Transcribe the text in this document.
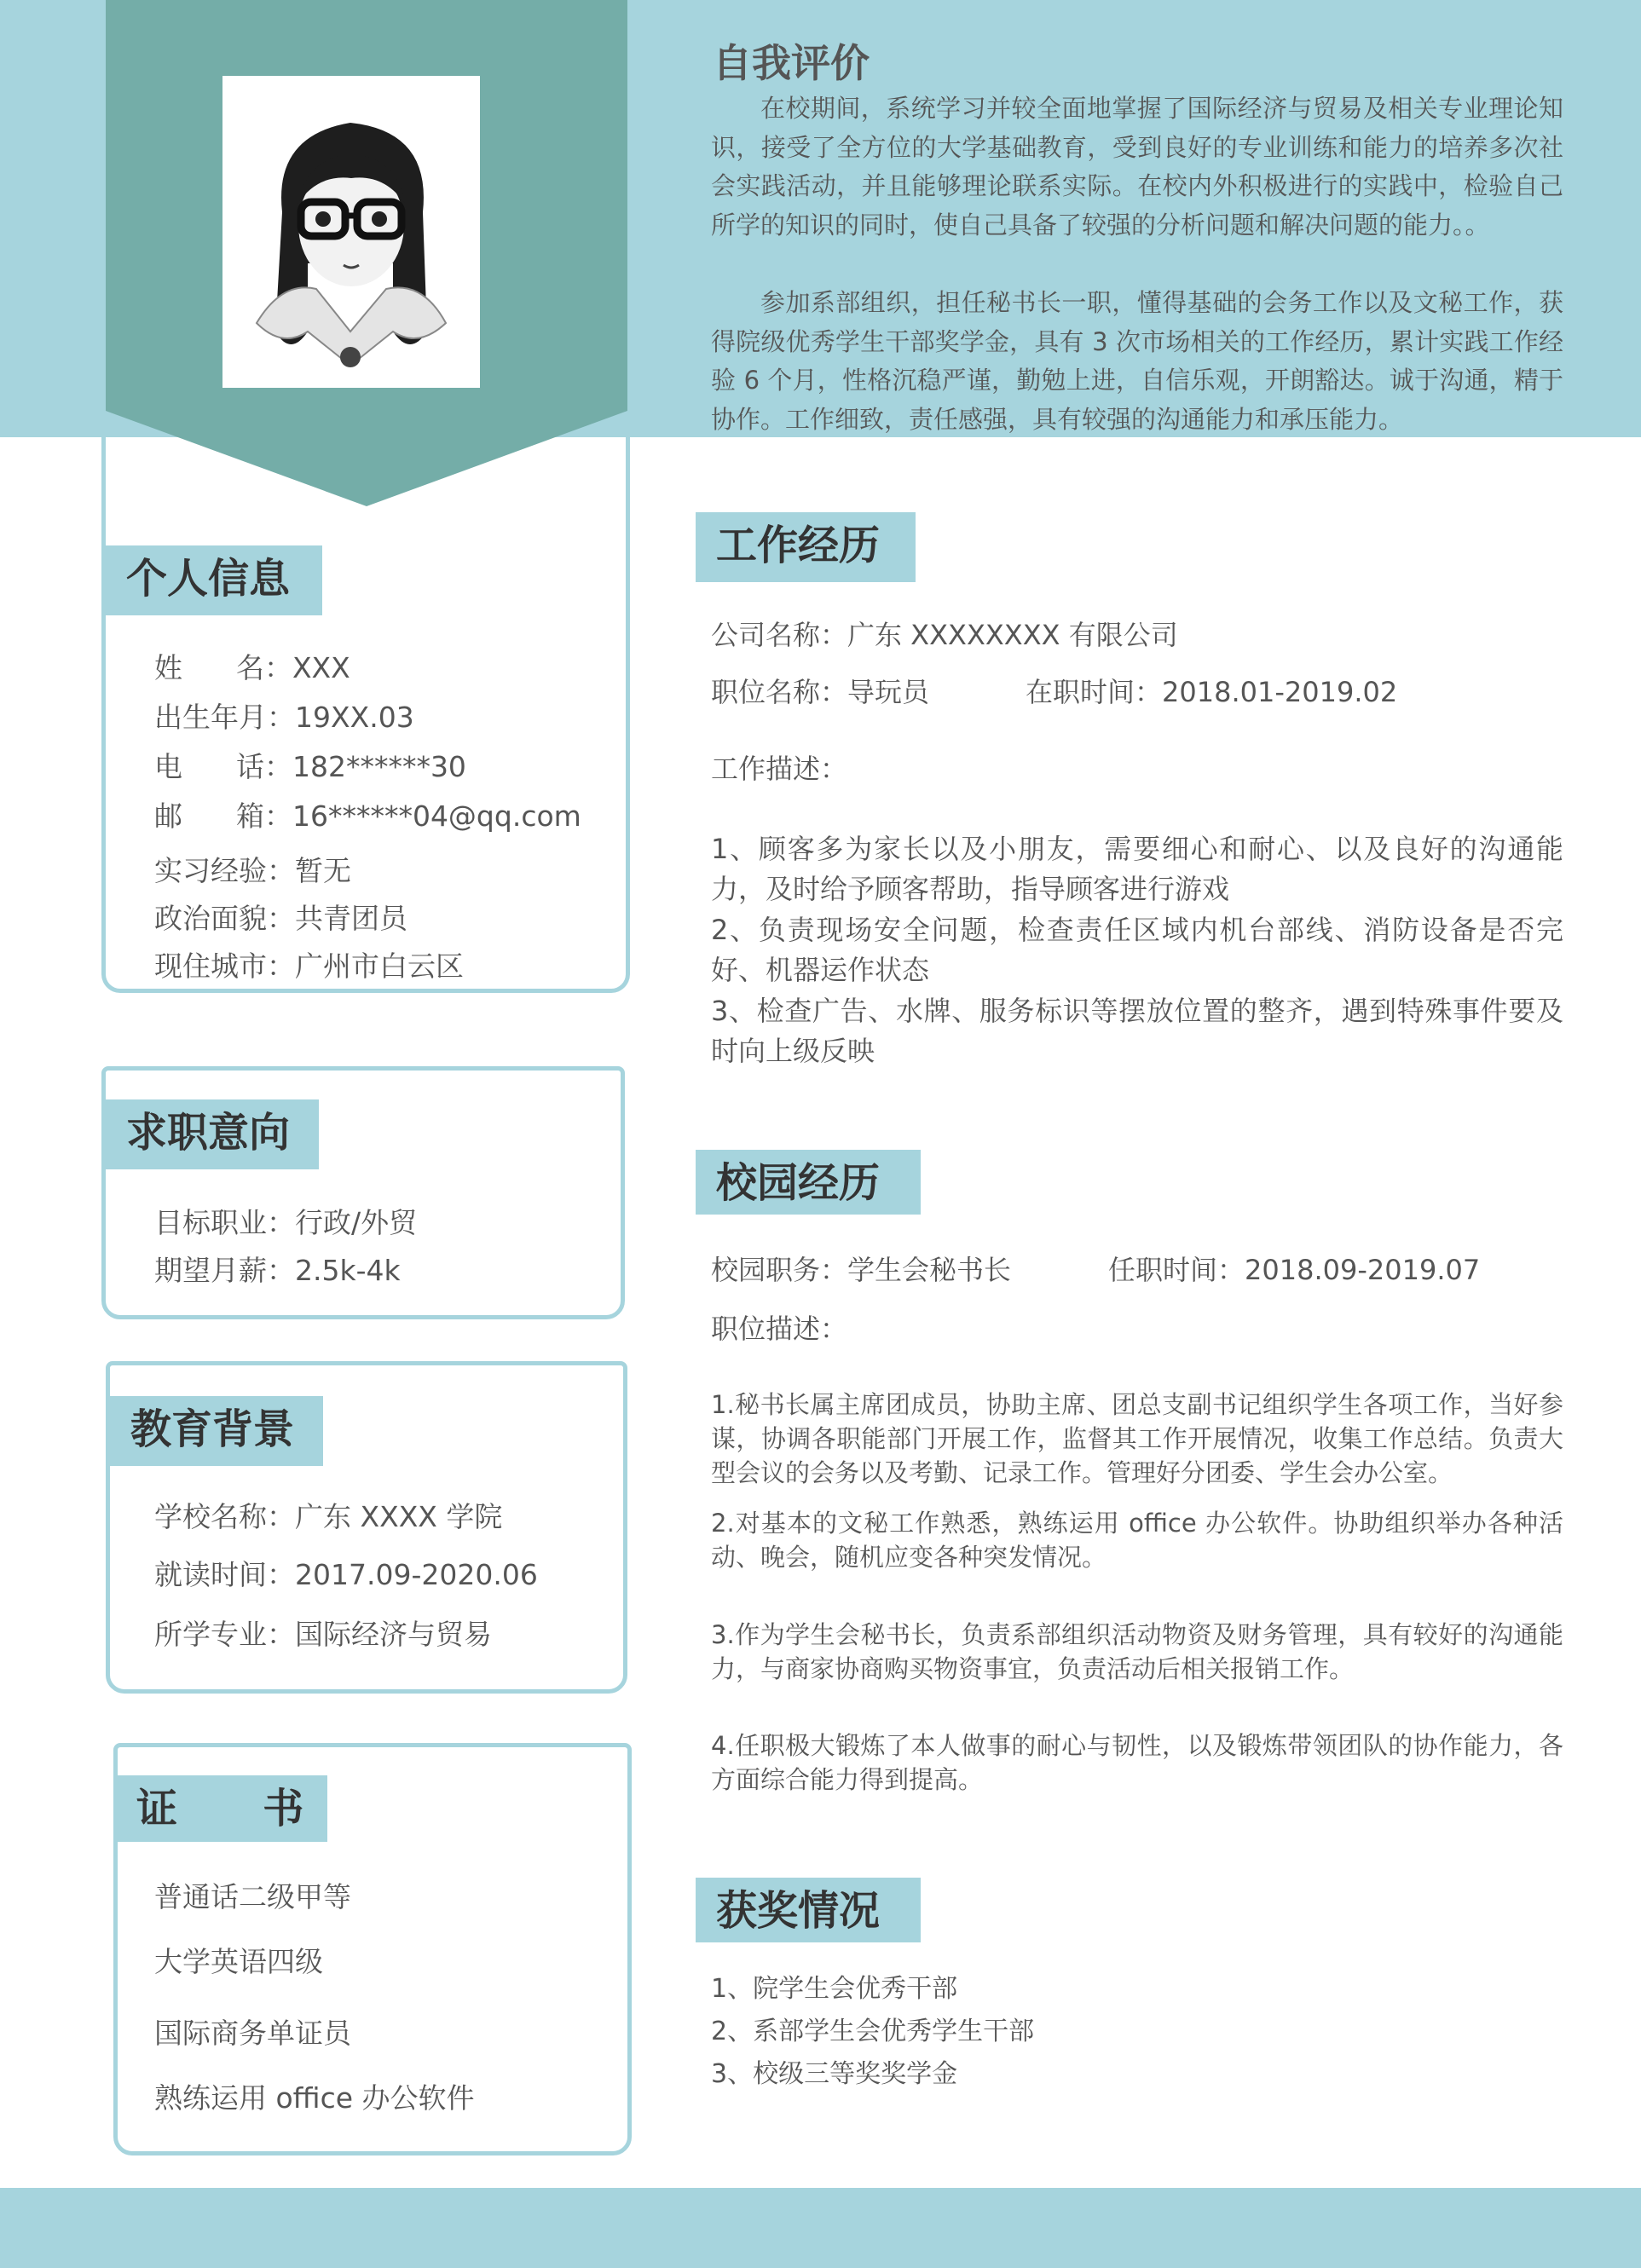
个人信息
姓      名：XXX
出生年月：19XX.03
电      话：182******30
邮      箱：16******04@qq.com
实习经验：暂无
政治面貌：共青团员
现住城市：广州市白云区
求职意向
目标职业：行政/外贸
期望月薪：2.5k-4k
教育背景
学校名称：广东 XXXX 学院
就读时间：2017.09-2020.06
所学专业：国际经济与贸易
证      书
普通话二级甲等
大学英语四级
国际商务单证员
熟练运用 office 办公软件
自我评价
在校期间，系统学习并较全面地掌握了国际经济与贸易及相关专业理论知识，接受了全方位的大学基础教育，受到良好的专业训练和能力的培养多次社会实践活动，并且能够理论联系实际。在校内外积极进行的实践中，检验自己所学的知识的同时，使自己具备了较强的分析问题和解决问题的能力。。
参加系部组织，担任秘书长一职，懂得基础的会务工作以及文秘工作，获得院级优秀学生干部奖学金，具有 3 次市场相关的工作经历，累计实践工作经验 6 个月，性格沉稳严谨，勤勉上进，自信乐观，开朗豁达。诚于沟通，精于协作。工作细致，责任感强，具有较强的沟通能力和承压能力。
工作经历
公司名称：广东 XXXXXXXX 有限公司
职位名称：导玩员	在职时间：2018.01-2019.02
工作描述：
1、顾客多为家长以及小朋友，需要细心和耐心、以及良好的沟通能力，及时给予顾客帮助，指导顾客进行游戏
2、负责现场安全问题，检查责任区域内机台部线、消防设备是否完好、机器运作状态
3、检查广告、水牌、服务标识等摆放位置的整齐，遇到特殊事件要及时向上级反映
校园经历
校园职务：学生会秘书长	任职时间：2018.09-2019.07
职位描述：
1.秘书长属主席团成员，协助主席、团总支副书记组织学生各项工作，当好参谋，协调各职能部门开展工作，监督其工作开展情况，收集工作总结。负责大型会议的会务以及考勤、记录工作。管理好分团委、学生会办公室。
2.对基本的文秘工作熟悉，熟练运用 office 办公软件。协助组织举办各种活动、晚会，随机应变各种突发情况。
3.作为学生会秘书长，负责系部组织活动物资及财务管理，具有较好的沟通能力，与商家协商购买物资事宜，负责活动后相关报销工作。
4.任职极大锻炼了本人做事的耐心与韧性，以及锻炼带领团队的协作能力，各方面综合能力得到提高。
获奖情况
1、院学生会优秀干部
2、系部学生会优秀学生干部
3、校级三等奖奖学金
